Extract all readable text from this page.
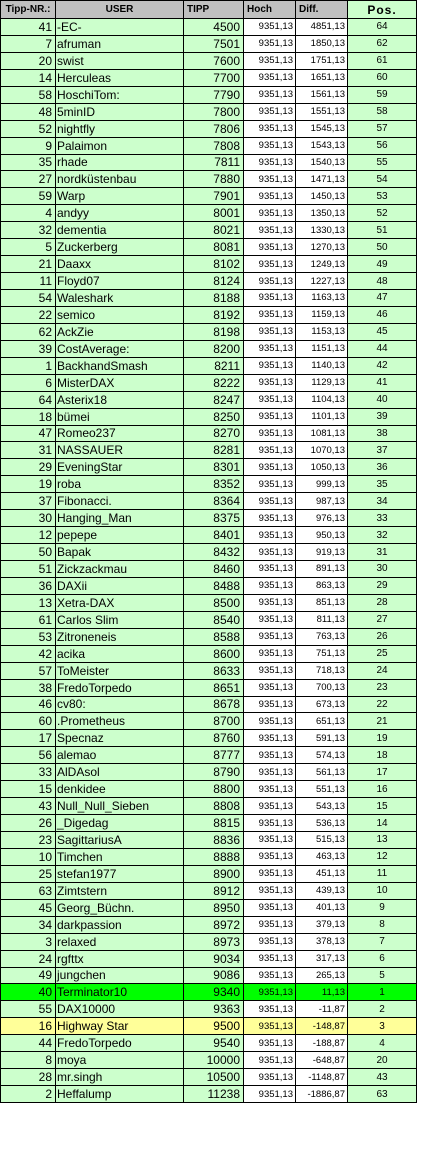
Tipp-NR.:	USER	TIPP	Hoch	Diff.	Pos.
41 -EC-	4500	9351,13	4851,13	64
7 afruman	7501	9351,13	1850,13	62
20 swist	7600	9351,13	1751,13	61
14 Herculeas	7700	9351,13	1651,13	60
58 HoschiTom:	7790	9351,13	1561,13	59
48 5minID	7800	9351,13	1551,13	58
52 nightfly	7806	9351,13	1545,13	57
9 Palaimon	7808	9351,13	1543,13	56
35 rhade	7811	9351,13	1540,13	55
27 nordküstenbau	7880	9351,13	1471,13	54
59 Warp	7901	9351,13	1450,13	53
4 andyy	8001	9351,13	1350,13	52
32 dementia	8021	9351,13	1330,13	51
5 Zuckerberg	8081	9351,13	1270,13	50
21 Daaxx	8102	9351,13	1249,13	49
11 Floyd07	8124	9351,13	1227,13	48
54 Waleshark	8188	9351,13	1163,13	47
22 semico	8192	9351,13	1159,13	46
62 AckZie	8198	9351,13	1153,13	45
39 CostAverage:	8200	9351,13	1151,13	44
1 BackhandSmash	8211	9351,13	1140,13	42
6 MisterDAX	8222	9351,13	1129,13	41
64 Asterix18	8247	9351,13	1104,13	40
18 bümei	8250	9351,13	1101,13	39
47 Romeo237	8270	9351,13	1081,13	38
31 NASSAUER	8281	9351,13	1070,13	37
29 EveningStar	8301	9351,13	1050,13	36
19 roba	8352	9351,13	999,13	35
37 Fibonacci.	8364	9351,13	987,13	34
30 Hanging_Man	8375	9351,13	976,13	33
12 pepepe	8401	9351,13	950,13	32
50 Bapak	8432	9351,13	919,13	31
51 Zickzackmau	8460	9351,13	891,13	30
36 DAXii	8488	9351,13	863,13	29
13 Xetra-DAX	8500	9351,13	851,13	28
61 Carlos Slim	8540	9351,13	811,13	27
53 Zitroneneis	8588	9351,13	763,13	26
42 acika	8600	9351,13	751,13	25
57 ToMeister	8633	9351,13	718,13	24
38 FredoTorpedo	8651	9351,13	700,13	23
46 cv80:	8678	9351,13	673,13	22
60 .Prometheus	8700	9351,13	651,13	21
17 Specnaz	8760	9351,13	591,13	19
56 alemao	8777	9351,13	574,13	18
33 AlDAsol	8790	9351,13	561,13	17
15 denkidee	8800	9351,13	551,13	16
43 Null_Null_Sieben	8808	9351,13	543,13	15
26 _Digedag	8815	9351,13	536,13	14
23 SagittariusA	8836	9351,13	515,13	13
10 Timchen	8888	9351,13	463,13	12
25 stefan1977	8900	9351,13	451,13	11
63 Zimtstern	8912	9351,13	439,13	10
45 Georg_Büchn.	8950	9351,13	401,13	9
34 darkpassion	8972	9351,13	379,13	8
3 relaxed	8973	9351,13	378,13	7
24 rgfttx	9034	9351,13	317,13	6
49 jungchen	9086	9351,13	265,13	5
40 Terminator10	9340	9351,13	11,13	1
55 DAX10000	9363	9351,13	-11,87	2
16 Highway Star	9500	9351,13	-148,87	3
44 FredoTorpedo	9540	9351,13	-188,87	4
8 moya	10000	9351,13	-648,87	20
28 mr.singh	10500	9351,13	-1148,87	43
2 Heffalump	11238	9351,13	-1886,87	63
